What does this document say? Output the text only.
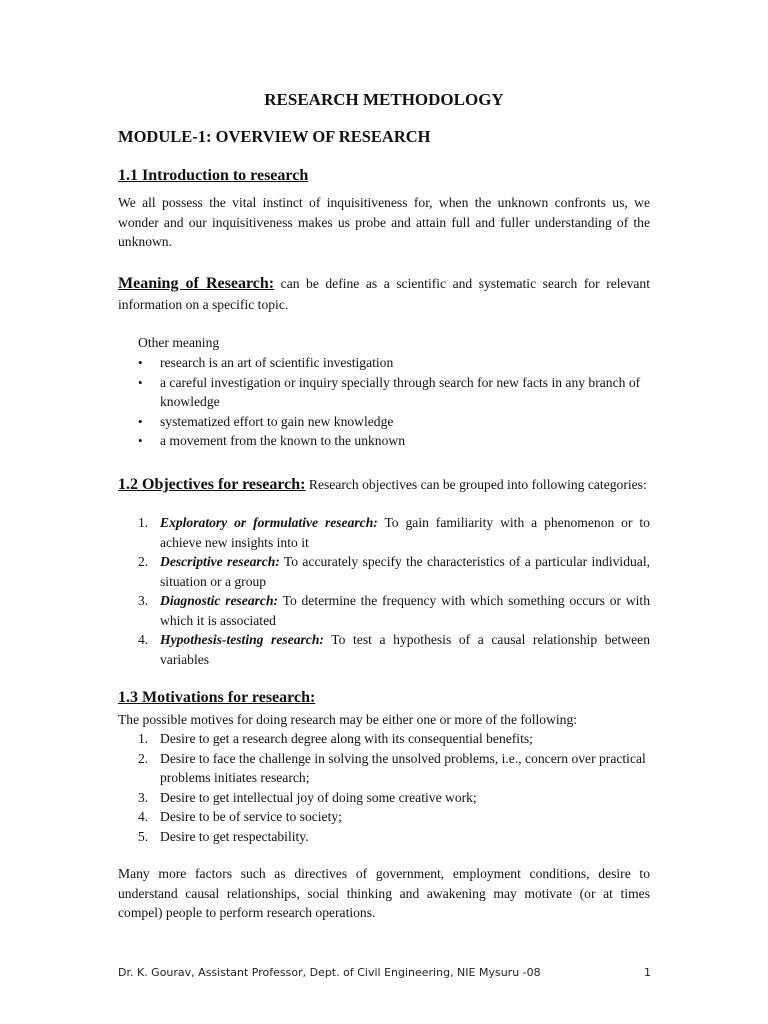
RESEARCH METHODOLOGY
MODULE-1: OVERVIEW OF RESEARCH
1.1 Introduction to research

We all possess the vital instinct of inquisitiveness for, when the unknown confronts us, we wonder and our inquisitiveness makes us probe and attain full and fuller understanding of the unknown.

Meaning of Research: can be define as a scientific and systematic search for relevant information on a specific topic.

Other meaning

• research is an art of scientific investigation
• a careful investigation or inquiry specially through search for new facts in any branch of knowledge
• systematized effort to gain new knowledge
• a movement from the known to the unknown

1.2 Objectives for research: Research objectives can be grouped into following categories:

1. Exploratory or formulative research: To gain familiarity with a phenomenon or to achieve new insights into it
2. Descriptive research: To accurately specify the characteristics of a particular individual, situation or a group
3. Diagnostic research: To determine the frequency with which something occurs or with which it is associated
4. Hypothesis-testing research: To test a hypothesis of a causal relationship between variables
1.3 Motivations for research:

The possible motives for doing research may be either one or more of the following:

1. Desire to get a research degree along with its consequential benefits;
2. Desire to face the challenge in solving the unsolved problems, i.e., concern over practical problems initiates research;
3. Desire to get intellectual joy of doing some creative work;
4. Desire to be of service to society;
5. Desire to get respectability.

Many more factors such as directives of government, employment conditions, desire to understand causal relationships, social thinking and awakening may motivate (or at times compel) people to perform research operations.

Dr. K. Gourav, Assistant Professor, Dept. of Civil Engineering, NIE Mysuru -08	1
